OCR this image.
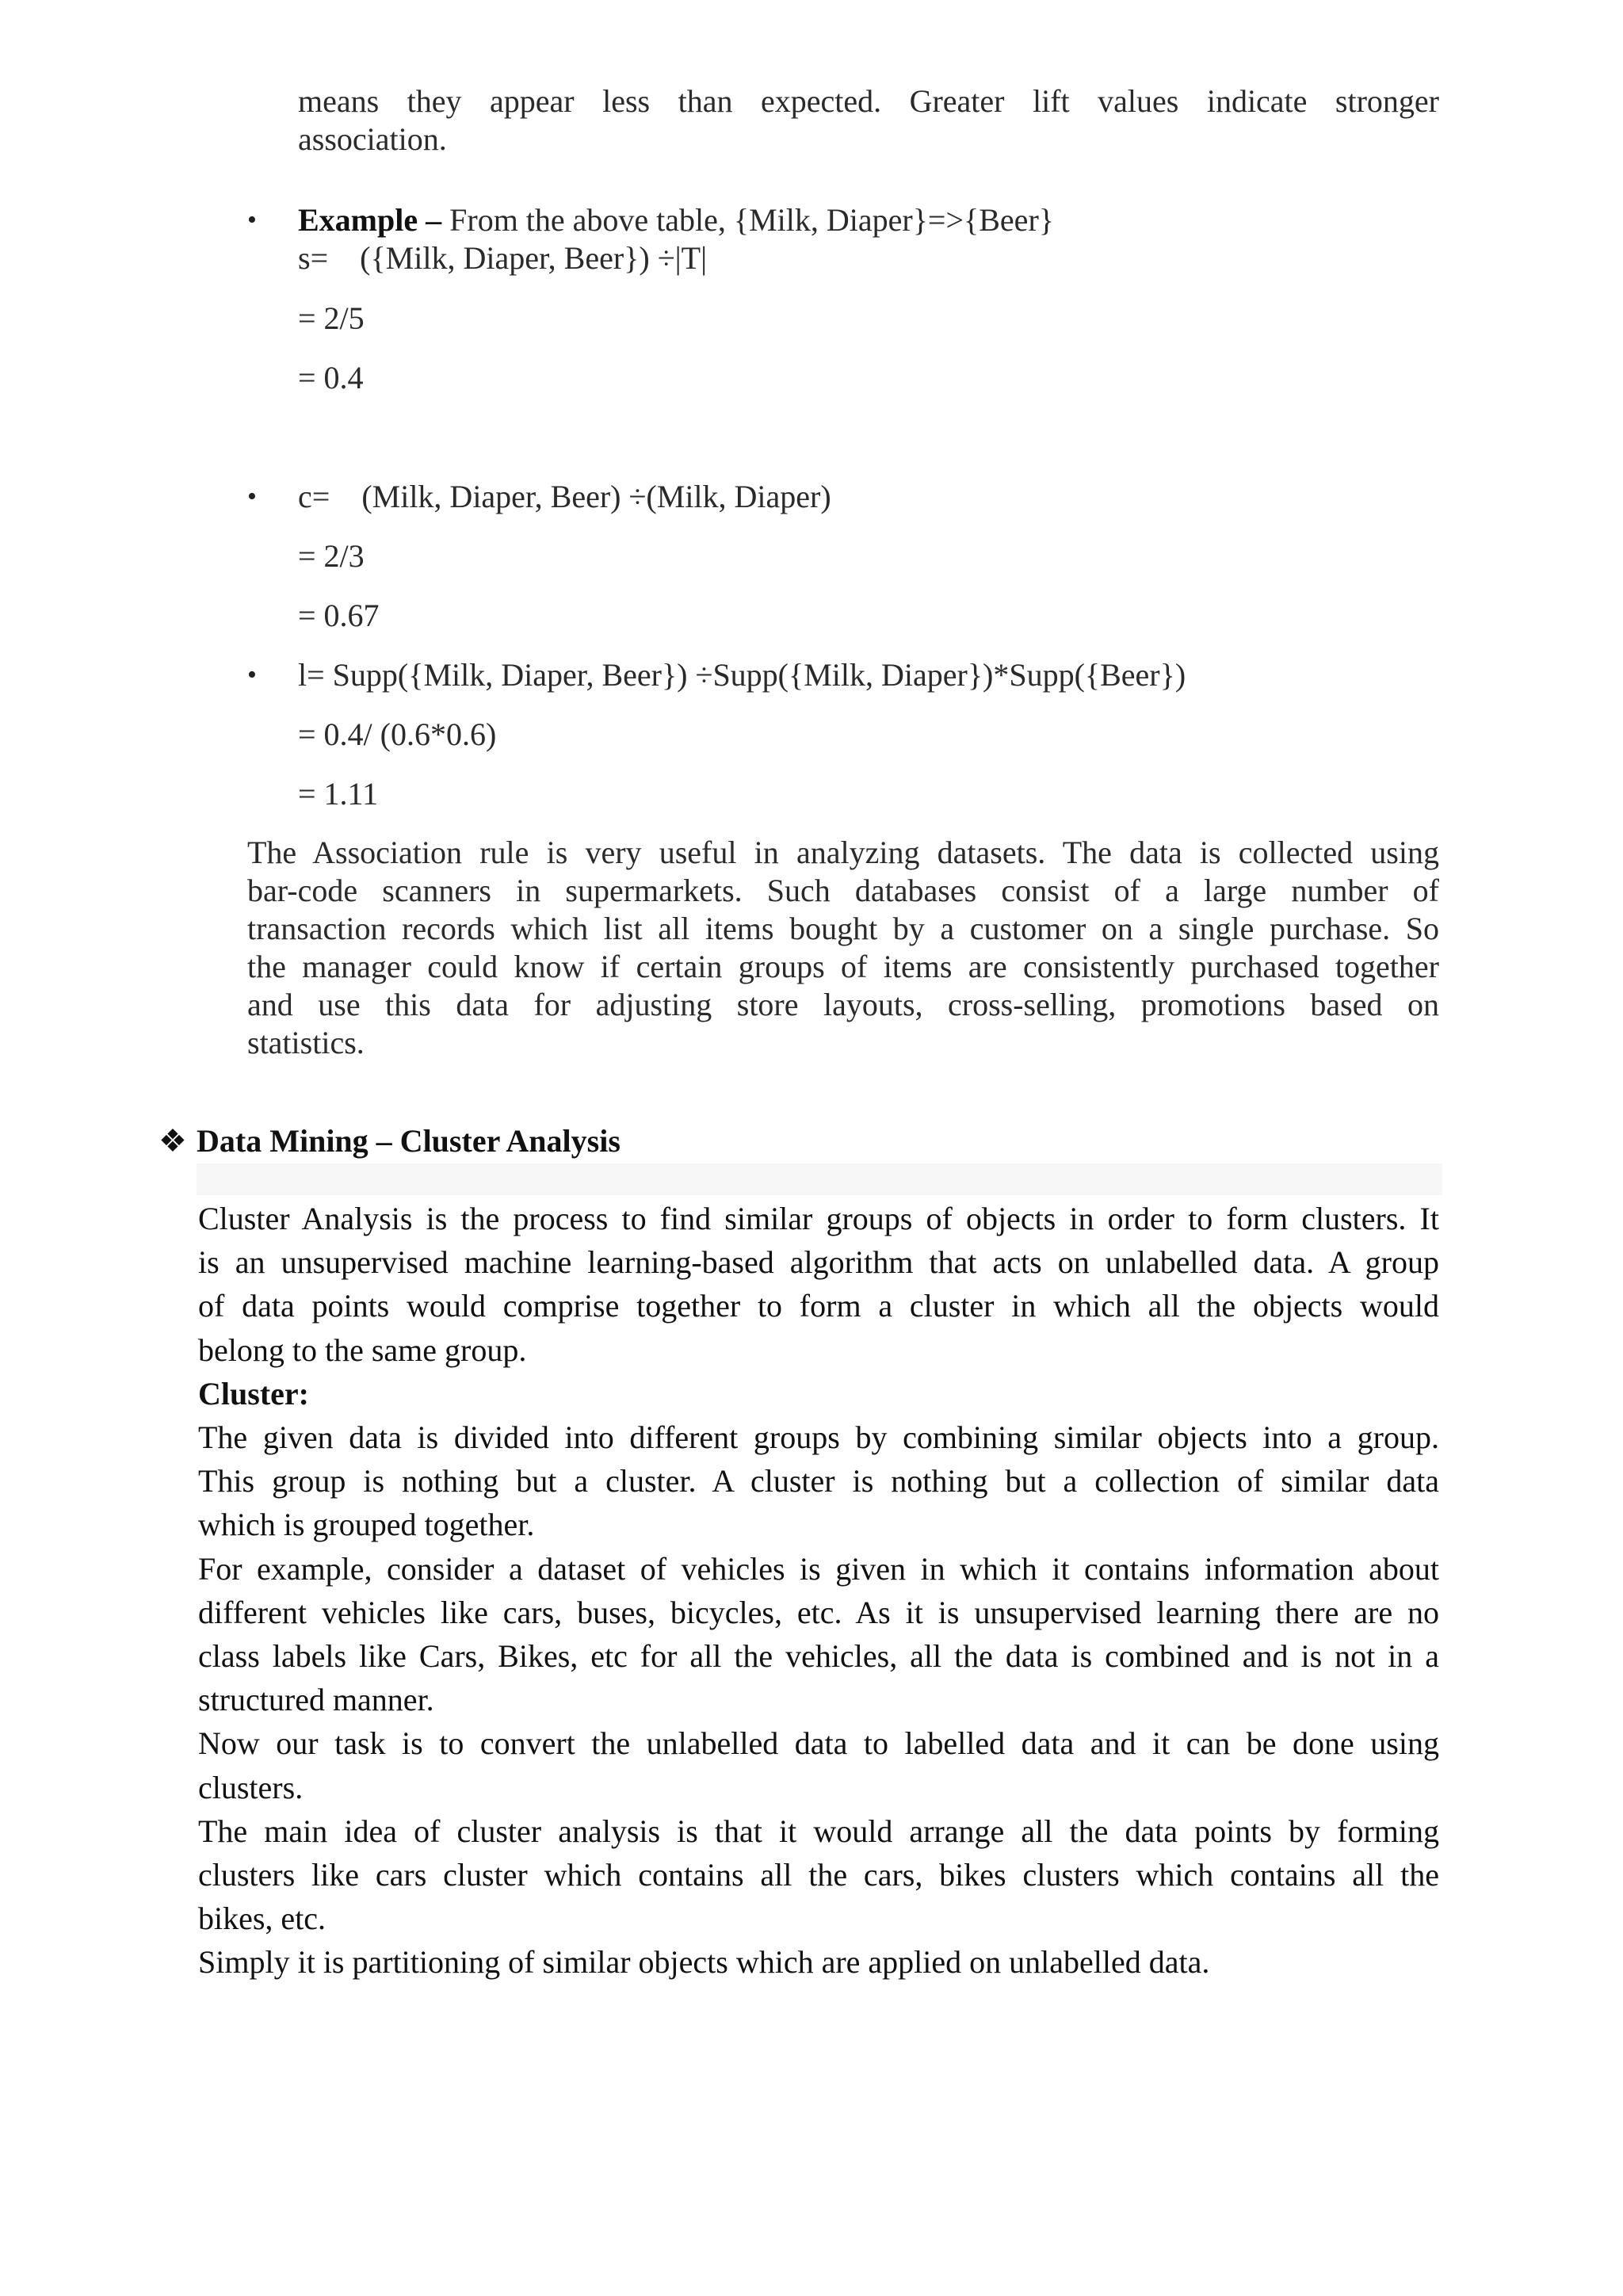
means they appear less than expected. Greater lift values indicate stronger
association.
• Example – From the above table, {Milk, Diaper}=>{Beer}
s= ({Milk, Diaper, Beer}) ÷|T|
= 2/5
= 0.4
• c= (Milk, Diaper, Beer) ÷(Milk, Diaper)
= 2/3
= 0.67
• l= Supp({Milk, Diaper, Beer}) ÷Supp({Milk, Diaper})*Supp({Beer})
= 0.4/ (0.6*0.6)
= 1.11
The Association rule is very useful in analyzing datasets. The data is collected using
bar-code scanners in supermarkets. Such databases consist of a large number of
transaction records which list all items bought by a customer on a single purchase. So
the manager could know if certain groups of items are consistently purchased together
and use this data for adjusting store layouts, cross-selling, promotions based on
statistics.
❖ Data Mining – Cluster Analysis
Cluster Analysis is the process to find similar groups of objects in order to form clusters. It
is an unsupervised machine learning-based algorithm that acts on unlabelled data. A group
of data points would comprise together to form a cluster in which all the objects would
belong to the same group.
Cluster:
The given data is divided into different groups by combining similar objects into a group.
This group is nothing but a cluster. A cluster is nothing but a collection of similar data
which is grouped together.
For example, consider a dataset of vehicles is given in which it contains information about
different vehicles like cars, buses, bicycles, etc. As it is unsupervised learning there are no
class labels like Cars, Bikes, etc for all the vehicles, all the data is combined and is not in a
structured manner.
Now our task is to convert the unlabelled data to labelled data and it can be done using
clusters.
The main idea of cluster analysis is that it would arrange all the data points by forming
clusters like cars cluster which contains all the cars, bikes clusters which contains all the
bikes, etc.
Simply it is partitioning of similar objects which are applied on unlabelled data.
